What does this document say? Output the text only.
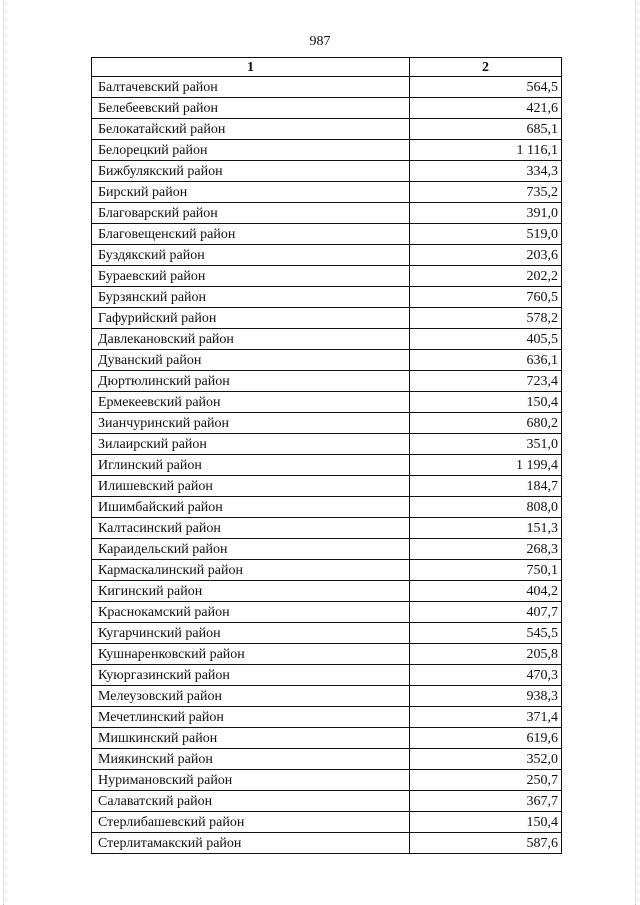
987
1	2
Балтачевский район	564,5
Белебеевский район	421,6
Белокатайский район	685,1
Белорецкий район	1 116,1
Бижбулякский район	334,3
Бирский район	735,2
Благоварский район	391,0
Благовещенский район	519,0
Буздякский район	203,6
Бураевский район	202,2
Бурзянский район	760,5
Гафурийский район	578,2
Давлекановский район	405,5
Дуванский район	636,1
Дюртюлинский район	723,4
Ермекеевский район	150,4
Зианчуринский район	680,2
Зилаирский район	351,0
Иглинский район	1 199,4
Илишевский район	184,7
Ишимбайский район	808,0
Калтасинский район	151,3
Караидельский район	268,3
Кармаскалинский район	750,1
Кигинский район	404,2
Краснокамский район	407,7
Кугарчинский район	545,5
Кушнаренковский район	205,8
Куюргазинский район	470,3
Мелеузовский район	938,3
Мечетлинский район	371,4
Мишкинский район	619,6
Миякинский район	352,0
Нуримановский район	250,7
Салаватский район	367,7
Стерлибашевский район	150,4
Стерлитамакский район	587,6
